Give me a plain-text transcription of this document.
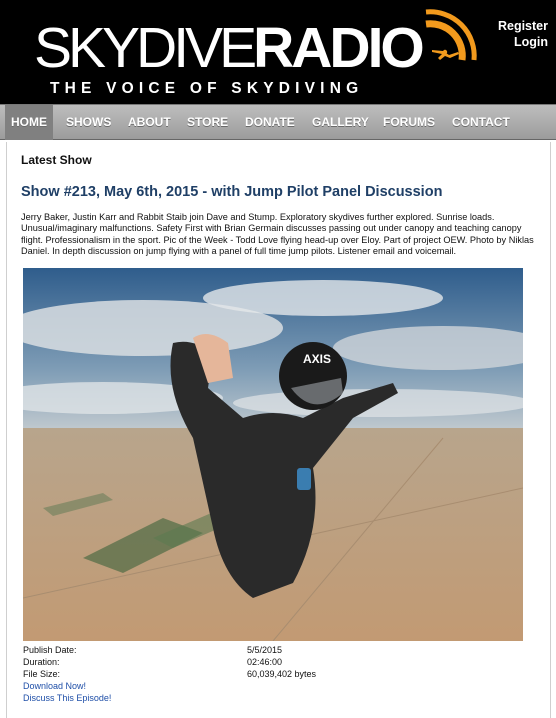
SKYDIVERADIO
THE VOICE OF SKYDIVING
Register
Login
HOME	SHOWS	ABOUT	STORE	DONATE	GALLERY	FORUMS	CONTACT
Latest Show
Show #213, May 6th, 2015 - with Jump Pilot Panel Discussion
Jerry Baker, Justin Karr and Rabbit Staib join Dave and Stump. Exploratory skydives further explored. Sunrise loads. Unusual/imaginary malfunctions. Safety First with Brian Germain discusses passing out under canopy and teaching canopy flight. Professionalism in the sport. Pic of the Week - Todd Love flying head-up over Eloy. Part of project OEW. Photo by Niklas Daniel. In depth discussion on jump flying with a panel of full time jump pilots. Listener email and voicemail.
AXIS
Publish Date:	5/5/2015
Duration:	02:46:00
File Size:	60,039,402 bytes
Download Now!
Discuss This Episode!
